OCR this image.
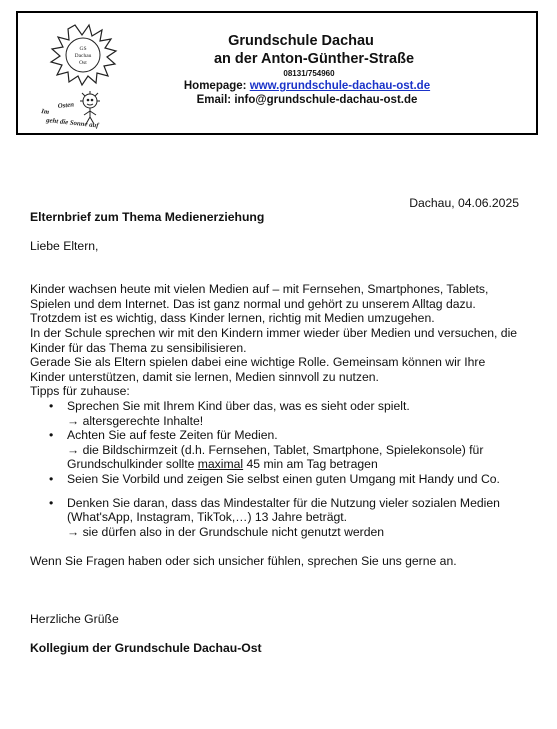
GS
Dachau
Ost
Im
Osten
geht die Sonne auf
Grundschule Dachau
an der Anton-Günther-Straße
08131/754960
Homepage: www.grundschule-dachau-ost.de
Email: info@grundschule-dachau-ost.de
Dachau, 04.06.2025
Elternbrief zum Thema Medienerziehung
Liebe Eltern,
Kinder wachsen heute mit vielen Medien auf – mit Fernsehen, Smartphones, Tablets,
Spielen und dem Internet. Das ist ganz normal und gehört zu unserem Alltag dazu.
Trotzdem ist es wichtig, dass Kinder lernen, richtig mit Medien umzugehen.
In der Schule sprechen wir mit den Kindern immer wieder über Medien und versuchen, die
Kinder für das Thema zu sensibilisieren.
Gerade Sie als Eltern spielen dabei eine wichtige Rolle. Gemeinsam können wir Ihre
Kinder unterstützen, damit sie lernen, Medien sinnvoll zu nutzen.
Tipps für zuhause:
• Sprechen Sie mit Ihrem Kind über das, was es sieht oder spielt.
→ altersgerechte Inhalte!
• Achten Sie auf feste Zeiten für Medien.
→ die Bildschirmzeit (d.h. Fernsehen, Tablet, Smartphone, Spielekonsole) für
Grundschulkinder sollte maximal 45 min am Tag betragen
• Seien Sie Vorbild und zeigen Sie selbst einen guten Umgang mit Handy und Co.
• Denken Sie daran, dass das Mindestalter für die Nutzung vieler sozialen Medien
(What'sApp, Instagram, TikTok,…) 13 Jahre beträgt.
→ sie dürfen also in der Grundschule nicht genutzt werden
Wenn Sie Fragen haben oder sich unsicher fühlen, sprechen Sie uns gerne an.
Herzliche Grüße
Kollegium der Grundschule Dachau-Ost
